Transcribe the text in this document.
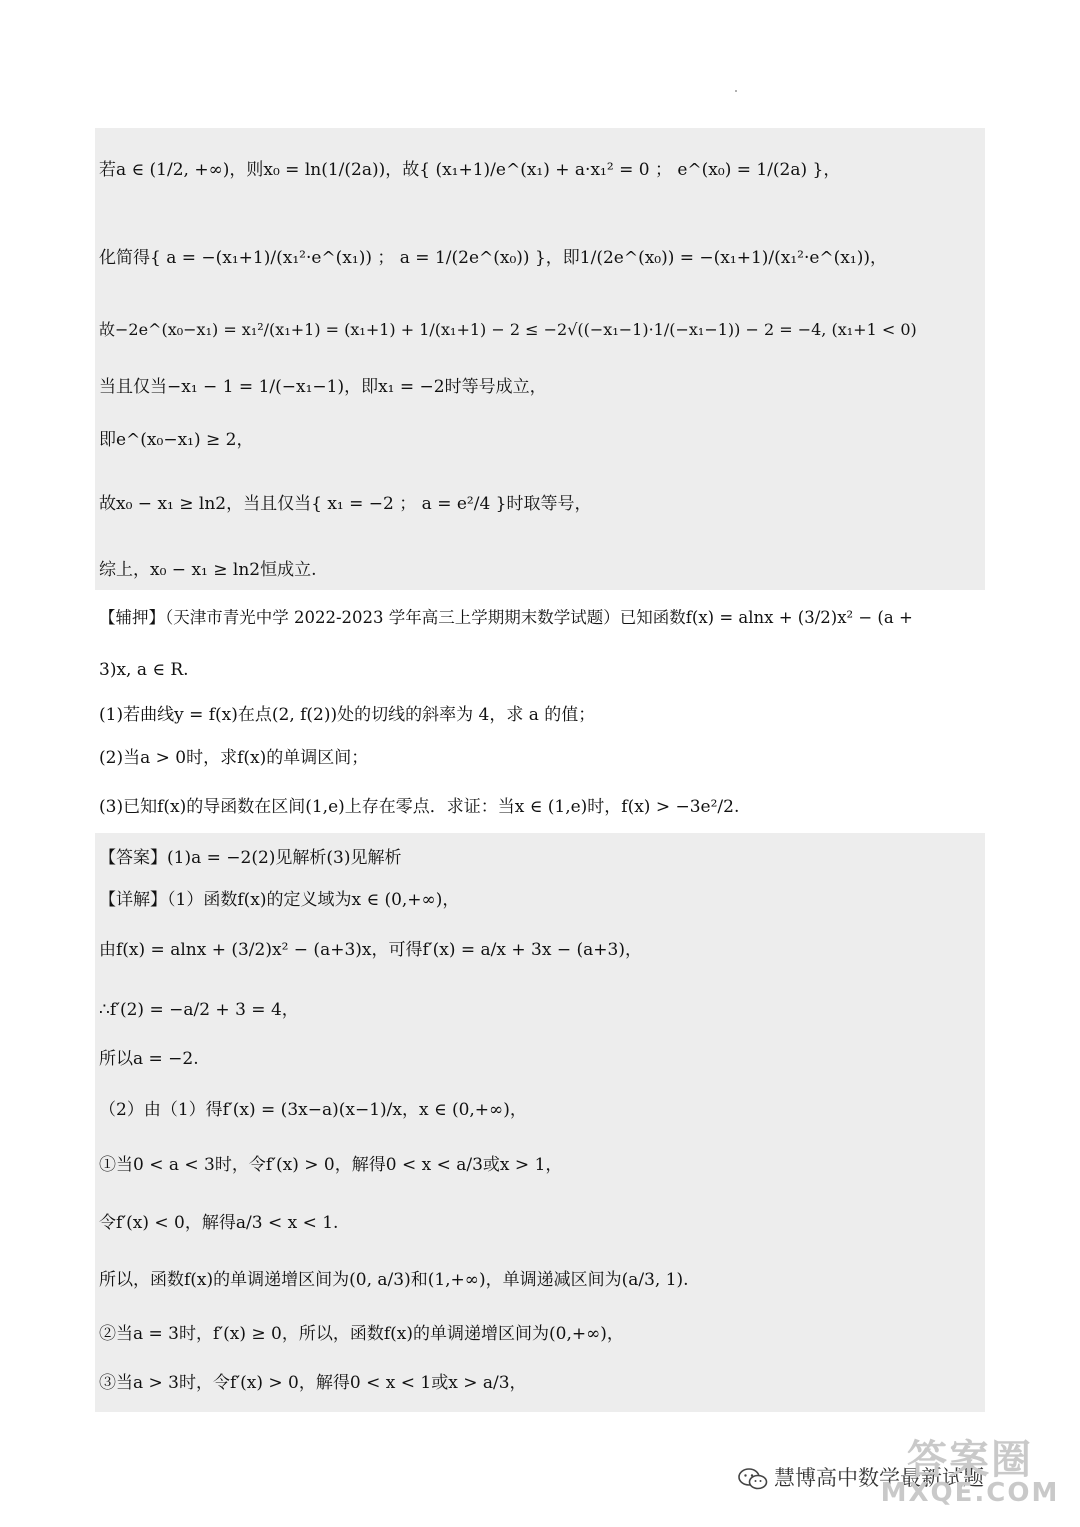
若a ∈ (1/2, +∞)，则x₀ = ln(1/(2a))，故{ (x₁+1)/e^(x₁) + a·x₁² = 0 ； e^(x₀) = 1/(2a) }，
化简得{ a = −(x₁+1)/(x₁²·e^(x₁)) ； a = 1/(2e^(x₀)) }，即1/(2e^(x₀)) = −(x₁+1)/(x₁²·e^(x₁))，
故−2e^(x₀−x₁) = x₁²/(x₁+1) = (x₁+1) + 1/(x₁+1) − 2 ≤ −2√((−x₁−1)·1/(−x₁−1)) − 2 = −4, (x₁+1 < 0)
当且仅当−x₁ − 1 = 1/(−x₁−1)，即x₁ = −2时等号成立，
即e^(x₀−x₁) ≥ 2，
故x₀ − x₁ ≥ ln2，当且仅当{ x₁ = −2 ； a = e²/4 }时取等号，
综上，x₀ − x₁ ≥ ln2恒成立.
【辅押】（天津市青光中学 2022-2023 学年高三上学期期末数学试题）已知函数f(x) = alnx + (3/2)x² − (a +
3)x, a ∈ R.
(1)若曲线y = f(x)在点(2, f(2))处的切线的斜率为 4，求 a 的值；
(2)当a > 0时，求f(x)的单调区间；
(3)已知f(x)的导函数在区间(1,e)上存在零点．求证：当x ∈ (1,e)时，f(x) > −3e²/2.
【答案】(1)a = −2(2)见解析(3)见解析
【详解】（1）函数f(x)的定义域为x ∈ (0,+∞)，
由f(x) = alnx + (3/2)x² − (a+3)x，可得f′(x) = a/x + 3x − (a+3)，
∴f′(2) = −a/2 + 3 = 4，
所以a = −2.
（2）由（1）得f′(x) = (3x−a)(x−1)/x，x ∈ (0,+∞)，
①当0 < a < 3时，令f′(x) > 0，解得0 < x < a/3或x > 1，
令f′(x) < 0，解得a/3 < x < 1.
所以，函数f(x)的单调递增区间为(0, a/3)和(1,+∞)，单调递减区间为(a/3, 1).
②当a = 3时，f′(x) ≥ 0，所以，函数f(x)的单调递增区间为(0,+∞)，
③当a > 3时，令f′(x) > 0，解得0 < x < 1或x > a/3，
慧博高中数学最新试题
答案圈
MXQE.COM
